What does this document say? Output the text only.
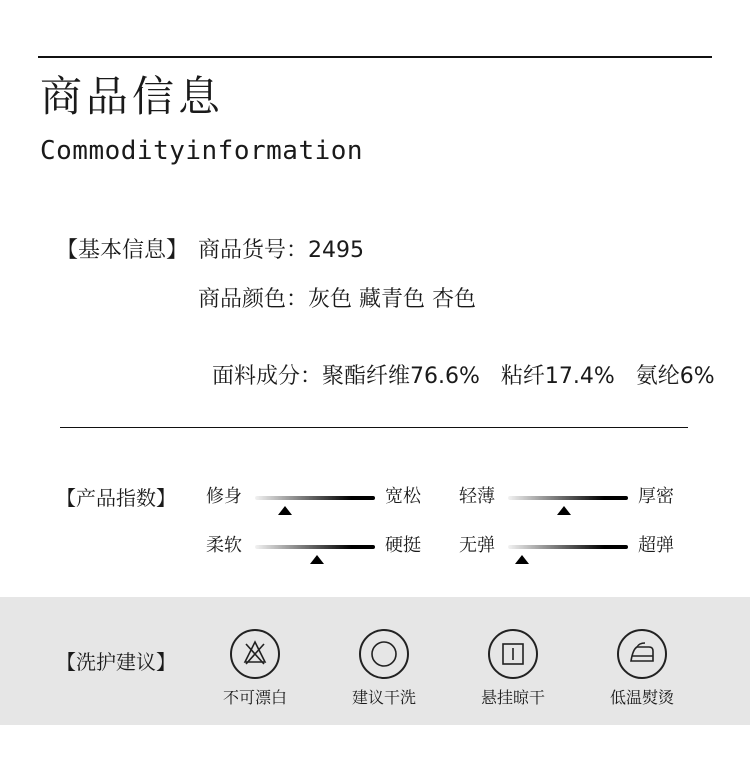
商品信息
Commodityinformation
【基本信息】 商品货号：2495
商品颜色：灰色 藏青色 杏色

面料成分：聚酯纤维76.6%   粘纤17.4%   氨纶6%

【产品指数】 修身	宽松 轻薄	厚密
柔软	硬挺 无弹	超弹
【洗护建议】
不可漂白	建议干洗	悬挂晾干	低温熨烫
